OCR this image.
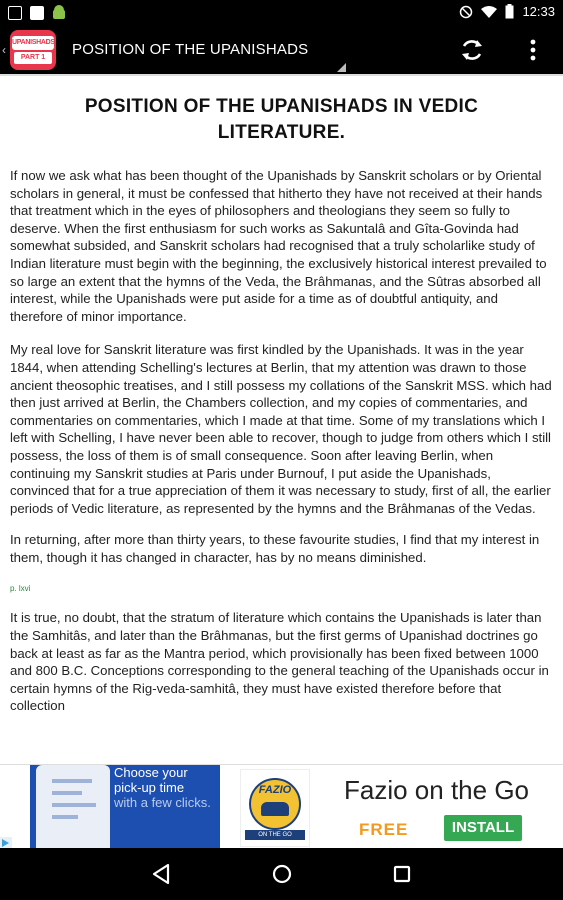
12:33
‹
UPANISHADS
PART 1	POSITION OF THE UPANISHADS
POSITION OF THE UPANISHADS IN VEDIC LITERATURE.

If now we ask what has been thought of the Upanishads by Sanskrit scholars or by Oriental scholars in general, it must be confessed that hitherto they have not received at their hands that treatment which in the eyes of philosophers and theologians they seem so fully to deserve. When the first enthusiasm for such works as Sakuntalâ and Gîta-Govinda had somewhat subsided, and Sanskrit scholars had recognised that a truly scholarlike study of Indian literature must begin with the beginning, the exclusively historical interest prevailed to so large an extent that the hymns of the Veda, the Brâhmanas, and the Sûtras absorbed all interest, while the Upanishads were put aside for a time as of doubtful antiquity, and therefore of minor importance.

My real love for Sanskrit literature was first kindled by the Upanishads. It was in the year 1844, when attending Schelling's lectures at Berlin, that my attention was drawn to those ancient theosophic treatises, and I still possess my collations of the Sanskrit MSS. which had then just arrived at Berlin, the Chambers collection, and my copies of commentaries, and commentaries on commentaries, which I made at that time. Some of my translations which I left with Schelling, I have never been able to recover, though to judge from others which I still possess, the loss of them is of small consequence. Soon after leaving Berlin, when continuing my Sanskrit studies at Paris under Burnouf, I put aside the Upanishads, convinced that for a true appreciation of them it was necessary to study, first of all, the earlier periods of Vedic literature, as represented by the hymns and the Brâhmanas of the Vedas.

In returning, after more than thirty years, to these favourite studies, I find that my interest in them, though it has changed in character, has by no means diminished.

p. lxvi

It is true, no doubt, that the stratum of literature which contains the Upanishads is later than the Samhitâs, and later than the Brâhmanas, but the first germs of Upanishad doctrines go back at least as far as the Mantra period, which provisionally has been fixed between 1000 and 800 B.C. Conceptions corresponding to the general teaching of the Upanishads occur in certain hymns of the Rig-veda-samhitâ, they must have existed therefore before that collection

Choose your
pick-up time
with a few clicks.
FAZIO
ON THE GO
Fazio on the Go
FREE	INSTALL
